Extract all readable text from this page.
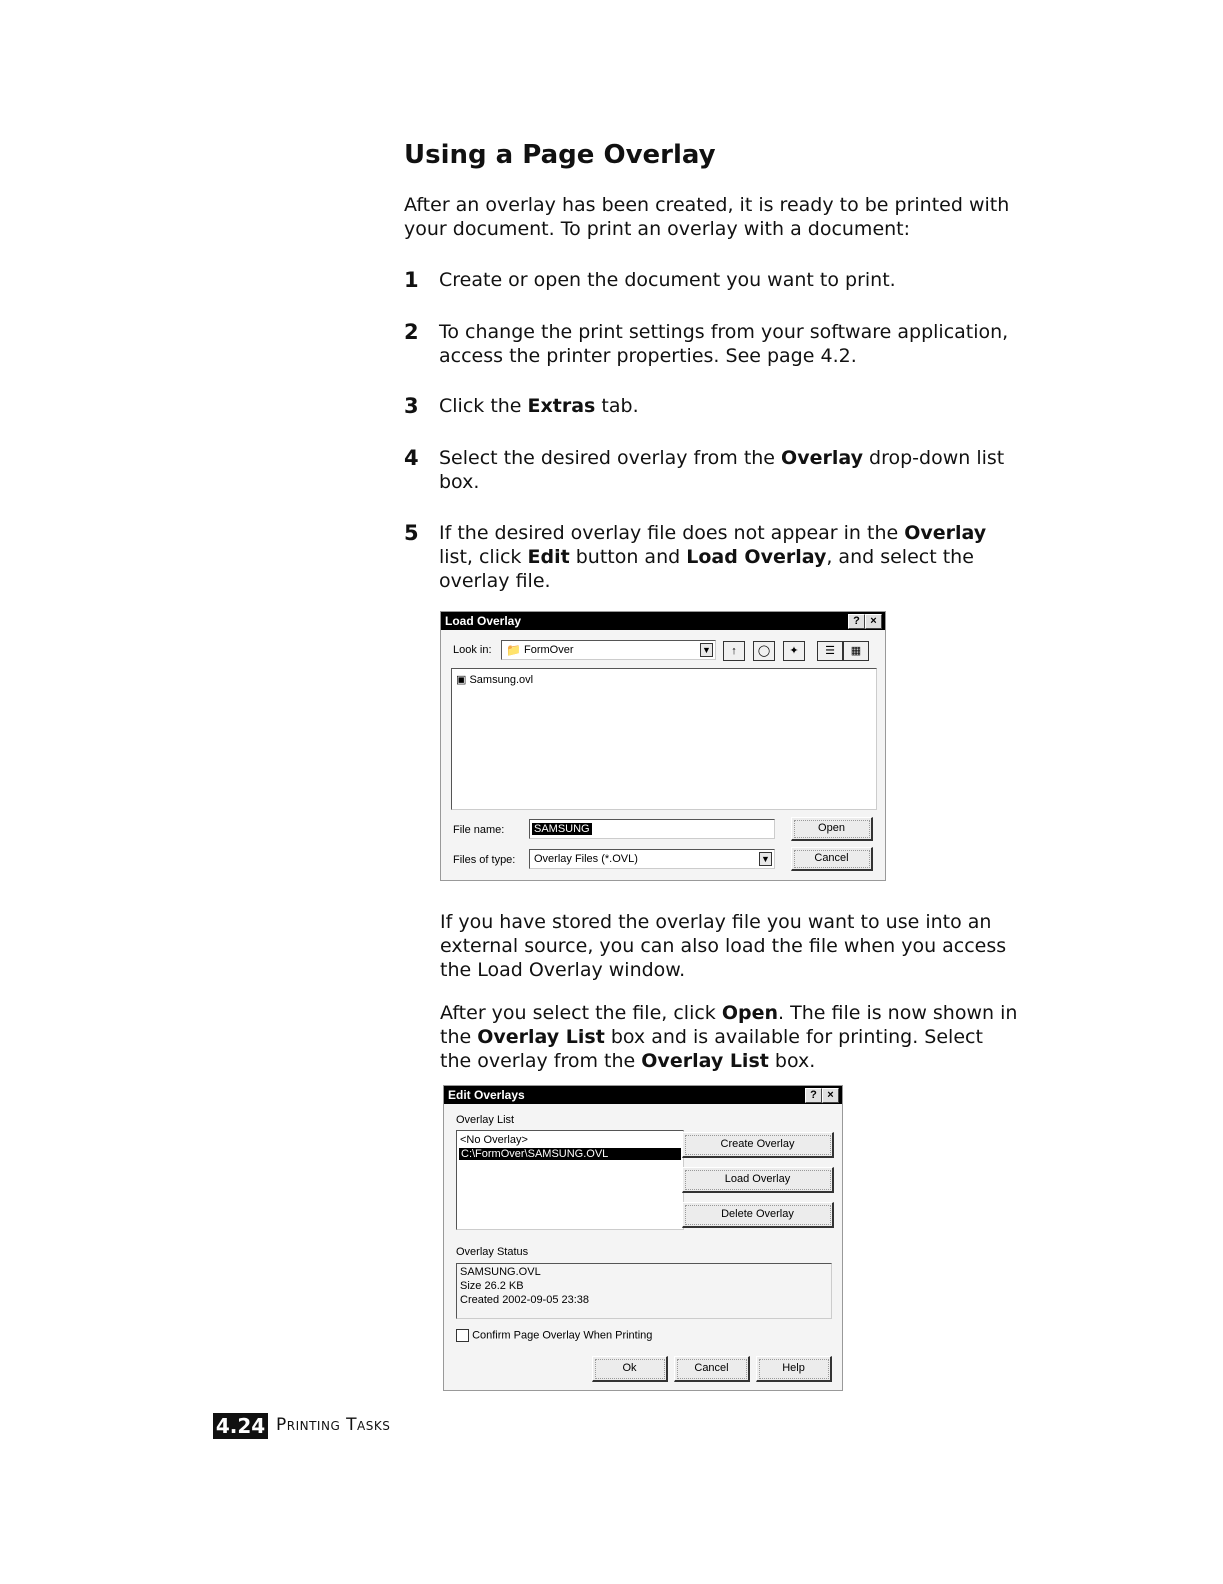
Using a Page Overlay

After an overlay has been created, it is ready to be printed with your document. To print an overlay with a document:

1 Create or open the document you want to print.
2 To change the print settings from your software application, access the printer properties. See page 4.2.
3 Click the Extras tab.
4 Select the desired overlay from the Overlay drop-down list box.
5 If the desired overlay file does not appear in the Overlay list, click Edit button and Load Overlay, and select the overlay file.
Load Overlay	? ×
Look in: 📁 FormOver	▼	↑	◯	✦	☰	▦
▣ Samsung.ovl
File name:	SAMSUNG	Open
Files of type: Overlay Files (*.OVL)	▼	Cancel

If you have stored the overlay file you want to use into an external source, you can also load the file when you access the Load Overlay window.

After you select the file, click Open. The file is now shown in the Overlay List box and is available for printing. Select the overlay from the Overlay List box.

Edit Overlays	? ×
Overlay List
<No Overlay>
C:\FormOver\SAMSUNG.OVL
Create Overlay
Load Overlay
Delete Overlay
Overlay Status
SAMSUNG.OVL
Size 26.2 KB
Created 2002-09-05 23:38
Confirm Page Overlay When Printing
Ok	Cancel	Help
4.24 Printing Tasks
